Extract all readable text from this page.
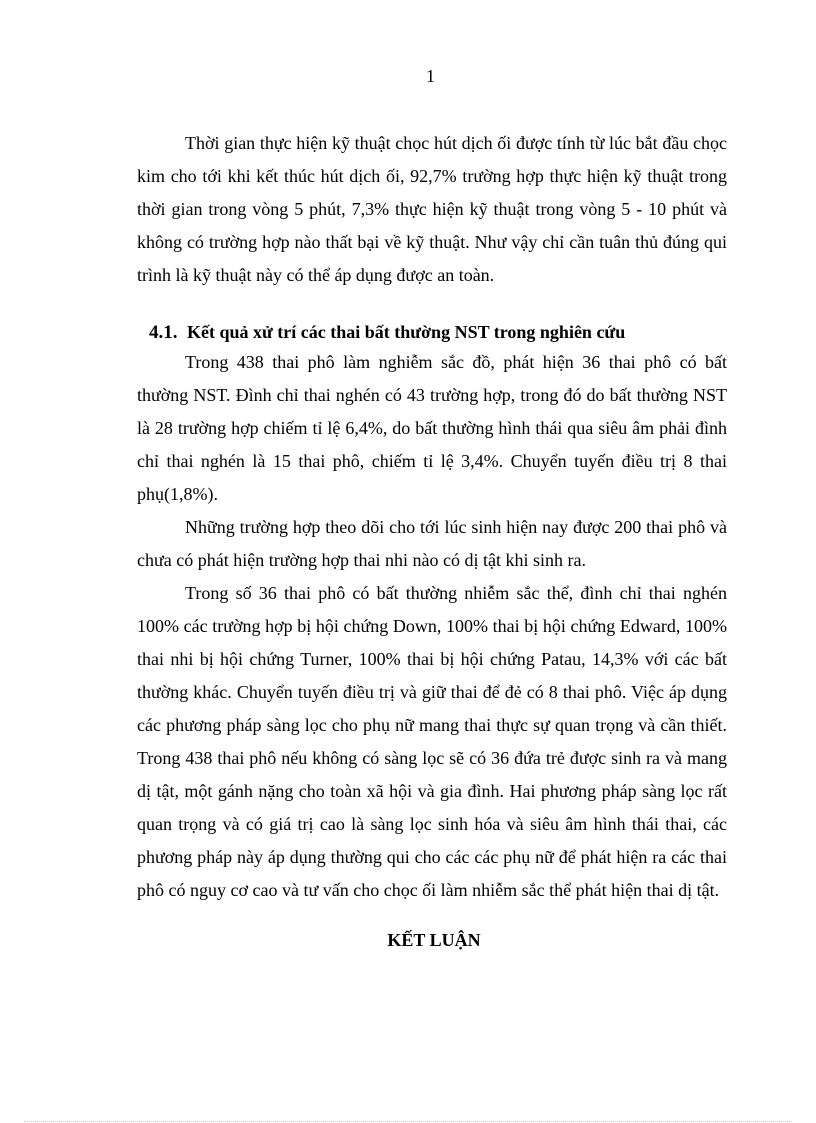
1

Thời gian thực hiện kỹ thuật chọc hút dịch ối được tính từ lúc bắt đầu chọc kim cho tới khi kết thúc hút dịch ối, 92,7% trường hợp thực hiện kỹ thuật trong thời gian trong vòng 5 phút, 7,3% thực hiện kỹ thuật trong vòng 5 - 10 phút và không có trường hợp nào thất bại về kỹ thuật. Như vậy chỉ cần tuân thủ đúng qui trình là kỹ thuật này có thể áp dụng được an toàn.

4.1. Kết quả xử trí các thai bất thường NST trong nghiên cứu

Trong 438 thai phô làm nghiễm sắc đồ, phát hiện 36 thai phô có bất thường NST. Đình chỉ thai nghén có 43 trường hợp, trong đó do bất thường NST là 28 trường hợp chiếm tỉ lệ 6,4%, do bất thường hình thái qua siêu âm phải đình chỉ thai nghén là 15 thai phô, chiếm tỉ lệ 3,4%. Chuyển tuyến điều trị 8 thai phụ(1,8%).

Những trường hợp theo dõi cho tới lúc sinh hiện nay được 200 thai phô và chưa có phát hiện trường hợp thai nhi nào có dị tật khi sinh ra.

Trong số 36 thai phô có bất thường nhiễm sắc thể, đình chỉ thai nghén 100% các trường hợp bị hội chứng Down, 100% thai bị hội chứng Edward, 100% thai nhi bị hội chứng Turner, 100% thai bị hội chứng Patau, 14,3% với các bất thường khác. Chuyển tuyến điều trị và giữ thai để đẻ có 8 thai phô. Việc áp dụng các phương pháp sàng lọc cho phụ nữ mang thai thực sự quan trọng và cần thiết. Trong 438 thai phô nếu không có sàng lọc sẽ có 36 đứa trẻ được sinh ra và mang dị tật, một gánh nặng cho toàn xã hội và gia đình. Hai phương pháp sàng lọc rất quan trọng và có giá trị cao là sàng lọc sinh hóa và siêu âm hình thái thai, các phương pháp này áp dụng thường qui cho các các phụ nữ để phát hiện ra các thai phô có nguy cơ cao và tư vấn cho chọc ối làm nhiễm sắc thể phát hiện thai dị tật.

KẾT LUẬN
